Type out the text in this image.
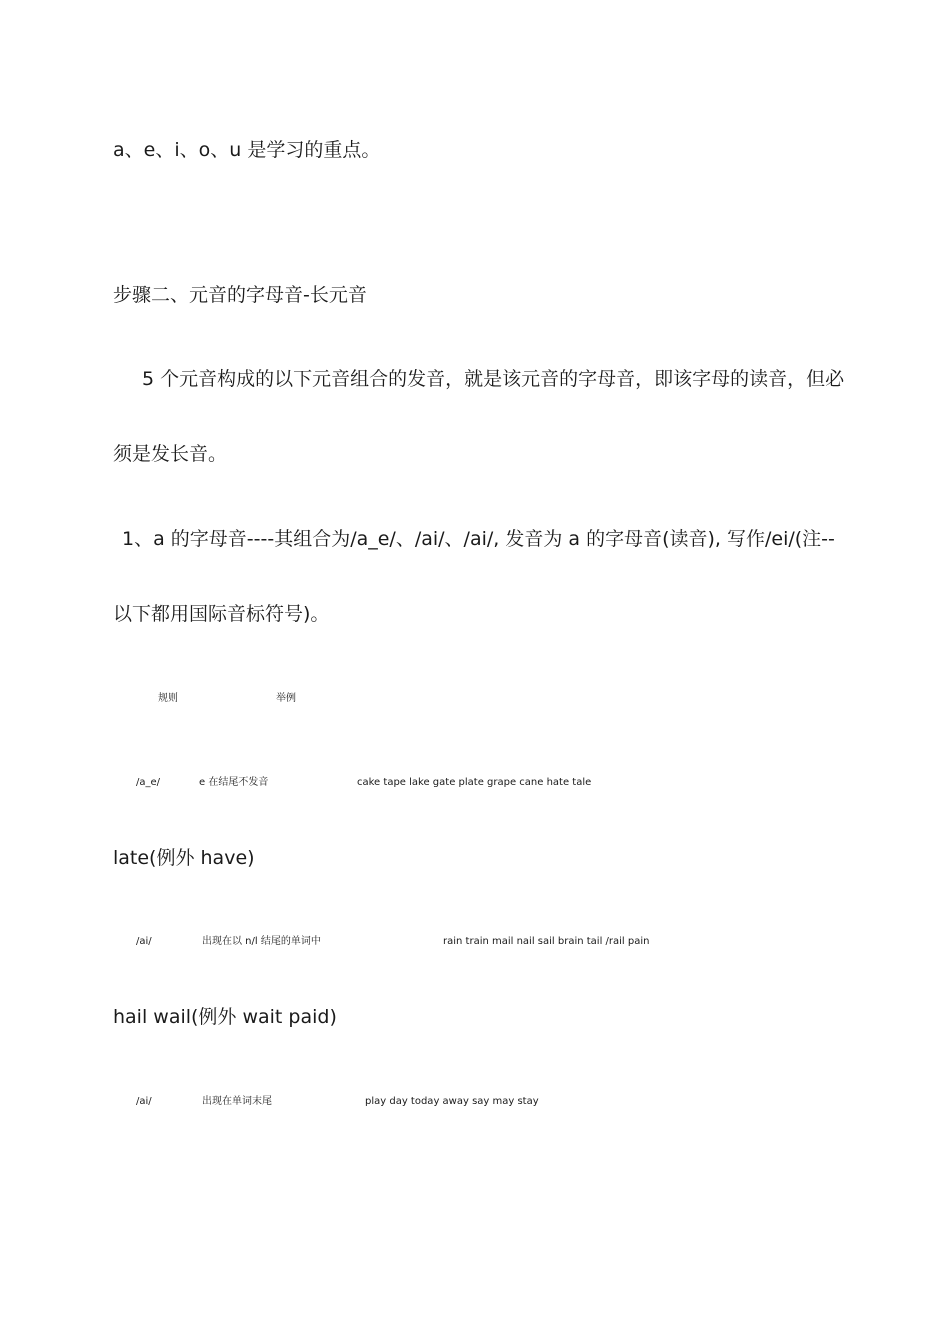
a、e、i、o、u 是学习的重点。
步骤二、元音的字母音-长元音
5 个元音构成的以下元音组合的发音，就是该元音的字母音，即该字母的读音，但必
须是发长音。
1、a 的字母音----其组合为/a_e/、/ai/、/ai/, 发音为 a 的字母音(读音), 写作/ei/(注--
以下都用国际音标符号)。
规则	举例
/a_e/	e 在结尾不发音	cake tape lake gate plate grape cane hate tale
late(例外 have)
/ai/	出现在以 n/l 结尾的单词中	rain train mail nail sail brain tail /rail pain
hail wail(例外 wait paid)
/ai/	出现在单词末尾	play day today away say may stay
